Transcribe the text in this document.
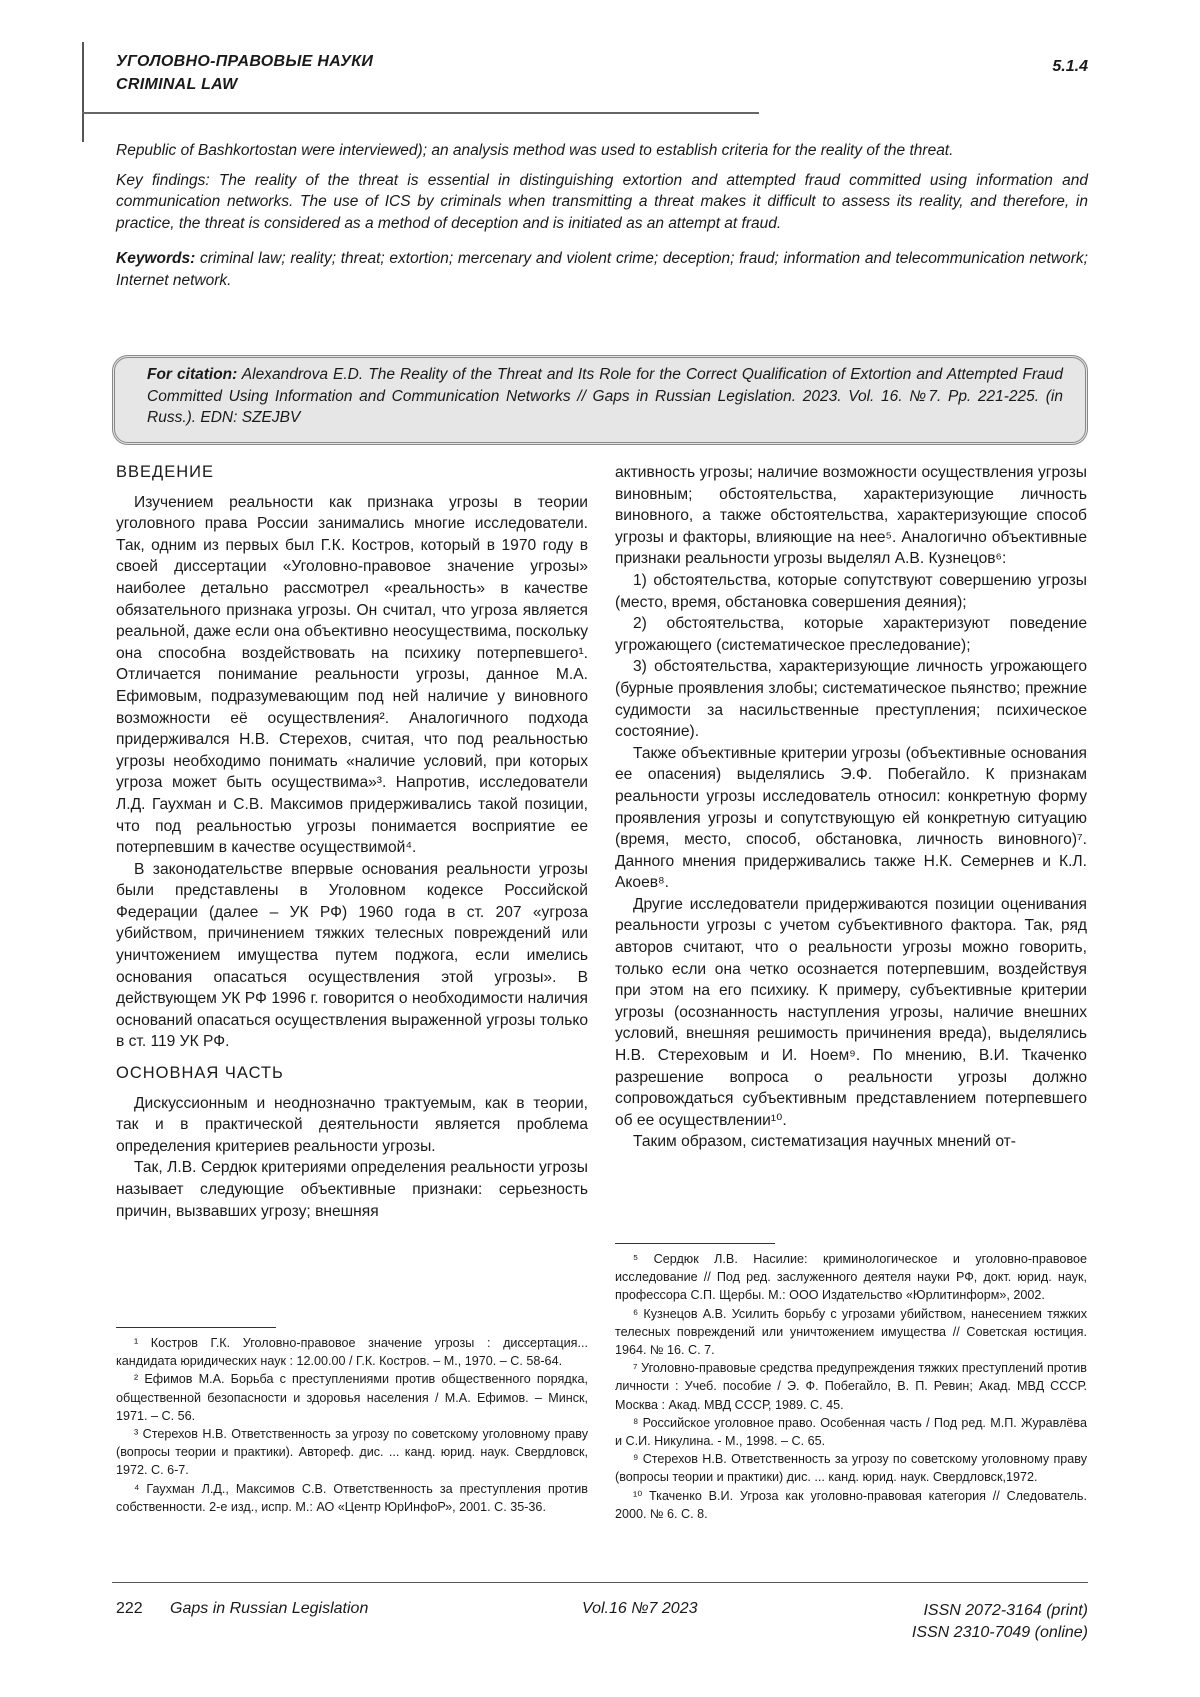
УГОЛОВНО-ПРАВОВЫЕ НАУКИ
CRIMINAL LAW
5.1.4

Republic of Bashkortostan were interviewed); an analysis method was used to establish criteria for the reality of the threat.

Key findings: The reality of the threat is essential in distinguishing extortion and attempted fraud committed using information and communication networks. The use of ICS by criminals when transmitting a threat makes it difficult to assess its reality, and therefore, in practice, the threat is considered as a method of deception and is initiated as an attempt at fraud.

Keywords: criminal law; reality; threat; extortion; mercenary and violent crime; deception; fraud; information and telecommunication network; Internet network.

For citation: Alexandrova E.D. The Reality of the Threat and Its Role for the Correct Qualification of Extortion and Attempted Fraud Committed Using Information and Communication Networks // Gaps in Russian Legislation. 2023. Vol. 16. №7. Pp. 221-225. (in Russ.). EDN: SZEJBV
ВВЕДЕНИЕ

Изучением реальности как признака угрозы в теории уголовного права России занимались многие исследователи. Так, одним из первых был Г.К. Костров, который в 1970 году в своей диссертации «Уголовно-правовое значение угрозы» наиболее детально рассмотрел «реальность» в качестве обязательного признака угрозы. Он считал, что угроза является реальной, даже если она объективно неосуществима, поскольку она способна воздействовать на психику потерпевшего¹. Отличается понимание реальности угрозы, данное М.А. Ефимовым, подразумевающим под ней наличие у виновного возможности её осуществления². Аналогичного подхода придерживался Н.В. Стерехов, считая, что под реальностью угрозы необходимо понимать «наличие условий, при которых угроза может быть осуществима»³. Напротив, исследователи Л.Д. Гаухман и С.В. Максимов придерживались такой позиции, что под реальностью угрозы понимается восприятие ее потерпевшим в качестве осуществимой⁴.

В законодательстве впервые основания реальности угрозы были представлены в Уголовном кодексе Российской Федерации (далее – УК РФ) 1960 года в ст. 207 «угроза убийством, причинением тяжких телесных повреждений или уничтожением имущества путем поджога, если имелись основания опасаться осуществления этой угрозы». В действующем УК РФ 1996 г. говорится о необходимости наличия оснований опасаться осуществления выраженной угрозы только в ст. 119 УК РФ.

ОСНОВНАЯ ЧАСТЬ

Дискуссионным и неоднозначно трактуемым, как в теории, так и в практической деятельности является проблема определения критериев реальности угрозы.

Так, Л.В. Сердюк критериями определения реальности угрозы называет следующие объективные признаки: серьезность причин, вызвавших угрозу; внешняя

активность угрозы; наличие возможности осуществления угрозы виновным; обстоятельства, характеризующие личность виновного, а также обстоятельства, характеризующие способ угрозы и факторы, влияющие на нее⁵. Аналогично объективные признаки реальности угрозы выделял А.В. Кузнецов⁶:

1) обстоятельства, которые сопутствуют совершению угрозы (место, время, обстановка совершения деяния);

2) обстоятельства, которые характеризуют поведение угрожающего (систематическое преследование);

3) обстоятельства, характеризующие личность угрожающего (бурные проявления злобы; систематическое пьянство; прежние судимости за насильственные преступления; психическое состояние).

Также объективные критерии угрозы (объективные основания ее опасения) выделялись Э.Ф. Побегайло. К признакам реальности угрозы исследователь относил: конкретную форму проявления угрозы и сопутствующую ей конкретную ситуацию (время, место, способ, обстановка, личность виновного)⁷. Данного мнения придерживались также Н.К. Семернев и К.Л. Акоев⁸.

Другие исследователи придерживаются позиции оценивания реальности угрозы с учетом субъективного фактора. Так, ряд авторов считают, что о реальности угрозы можно говорить, только если она четко осознается потерпевшим, воздействуя при этом на его психику. К примеру, субъективные критерии угрозы (осознанность наступления угрозы, наличие внешних условий, внешняя решимость причинения вреда), выделялись Н.В. Стереховым и И. Ноем⁹. По мнению, В.И. Ткаченко разрешение вопроса о реальности угрозы должно сопровождаться субъективным представлением потерпевшего об ее осуществлении¹⁰.

Таким образом, систематизация научных мнений от-

¹ Костров Г.К. Уголовно-правовое значение угрозы : диссертация... кандидата юридических наук : 12.00.00 / Г.К. Костров. – М., 1970. – С. 58-64.

² Ефимов М.А. Борьба с преступлениями против общественного порядка, общественной безопасности и здоровья населения / М.А. Ефимов. – Минск, 1971. – С. 56.

³ Стерехов Н.В. Ответственность за угрозу по советскому уголовному праву (вопросы теории и практики). Автореф. дис. ... канд. юрид. наук. Свердловск, 1972. С. 6-7.

⁴ Гаухман Л.Д., Максимов С.В. Ответственность за преступления против собственности. 2-е изд., испр. М.: АО «Центр ЮрИнфоР», 2001. С. 35-36.

⁵ Сердюк Л.В. Насилие: криминологическое и уголовно-правовое исследование // Под ред. заслуженного деятеля науки РФ, докт. юрид. наук, профессора С.П. Щербы. М.: ООО Издательство «Юрлитинформ», 2002.

⁶ Кузнецов А.В. Усилить борьбу с угрозами убийством, нанесением тяжких телесных повреждений или уничтожением имущества // Советская юстиция. 1964. № 16. С. 7.

⁷ Уголовно-правовые средства предупреждения тяжких преступлений против личности : Учеб. пособие / Э. Ф. Побегайло, В. П. Ревин; Акад. МВД СССР. Москва : Акад. МВД СССР, 1989. С. 45.

⁸ Российское уголовное право. Особенная часть / Под ред. М.П. Журавлёва и С.И. Никулина. - М., 1998. – С. 65.

⁹ Стерехов Н.В. Ответственность за угрозу по советскому уголовному праву (вопросы теории и практики) дис. ... канд. юрид. наук. Свердловск,1972.

¹⁰ Ткаченко В.И. Угроза как уголовно-правовая категория // Следователь. 2000. № 6. С. 8.

222 Gaps in Russian Legislation	Vol.16 №7 2023	ISSN 2072-3164 (print)
ISSN 2310-7049 (online)
